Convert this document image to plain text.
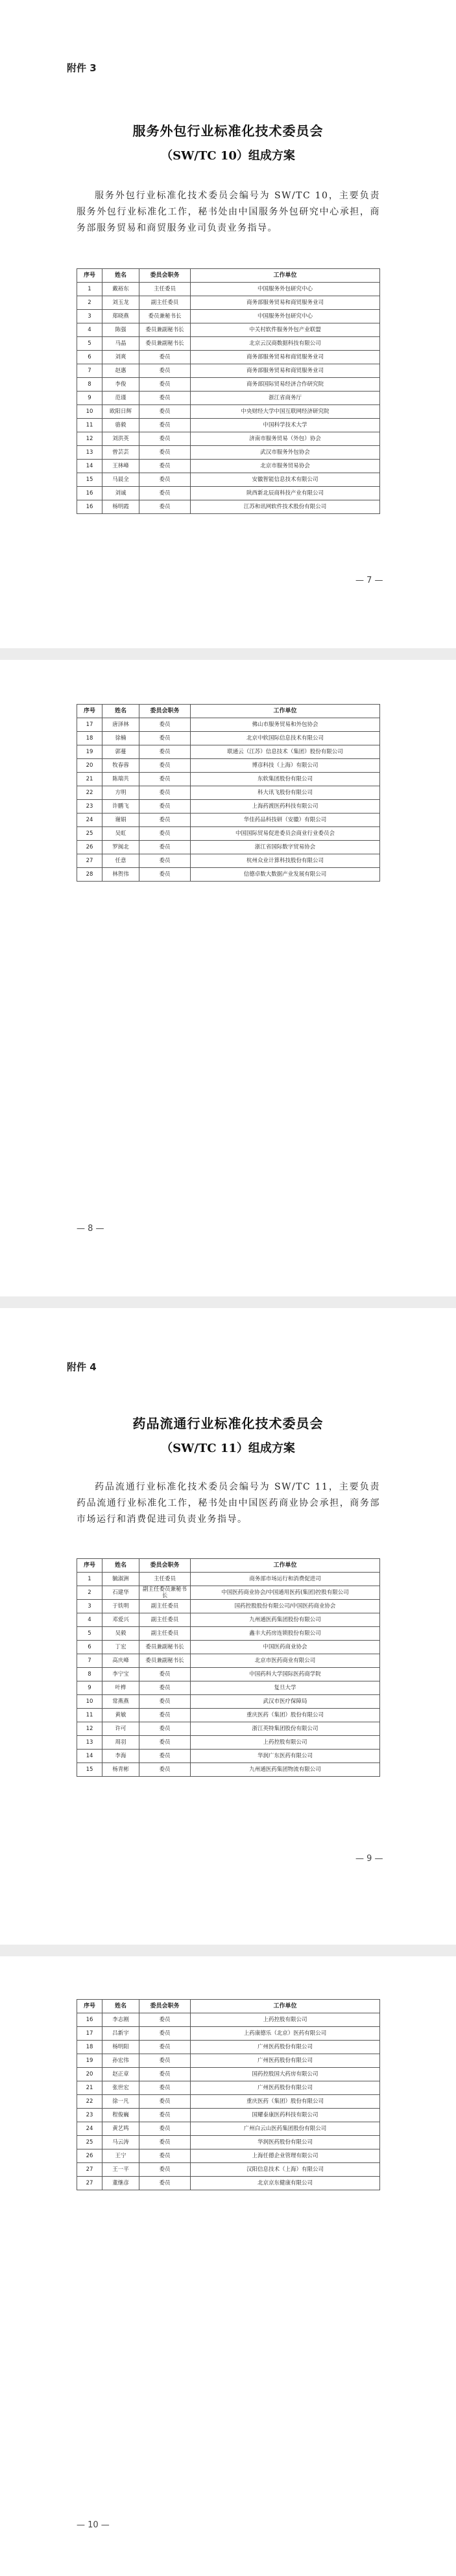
附件 3
服务外包行业标准化技术委员会
（SW/TC 10）组成方案

服务外包行业标准化技术委员会编号为 SW/TC 10，主要负责服务外包行业标准化工作，秘书处由中国服务外包研究中心承担，商务部服务贸易和商贸服务业司负责业务指导。

序号	姓名	委员会职务	工作单位
1	戴裕东	主任委员	中国服务外包研究中心
2	刘玉龙	副主任委员	商务部服务贸易和商贸服务业司
3	郑晓燕	委员兼秘书长	中国服务外包研究中心
4	陈强	委员兼副秘书长	中关村软件服务外包产业联盟
5	马晶	委员兼副秘书长	北京云汉商数据科技有限公司
6	刘爽	委员	商务部服务贸易和商贸服务业司
7	赵惠	委员	商务部服务贸易和商贸服务业司
8	李俊	委员	商务部国际贸易经济合作研究院
9	范谨	委员	浙江省商务厅
10	欧阳日辉	委员	中央财经大学中国互联网经济研究院
11	骆毅	委员	中国科学技术大学
12	刘洪英	委员	济南市服务贸易（外包）协会
13	曾芸芸	委员	武汉市服务外包协会
14	王林峰	委员	北京市服务贸易协会
15	马晨全	委员	安徽智能信息技术有限公司
16	刘诚	委员	陕西新北辰商科技产业有限公司
16	杨明霞	委员	江苏和讯网软件技术股份有限公司
— 7 —
序号	姓名	委员会职务	工作单位
17	唐泽林	委员	佛山市服务贸易和外包协会
18	徐楠	委员	北京中软国际信息技术有限公司
19	郭蔓	委员	联通云（江苏）信息技术（集团）股份有限公司
20	牧春蓉	委员	博彦科技（上海）有限公司
21	陈瑞共	委员	东软集团股份有限公司
22	方明	委员	科大讯飞股份有限公司
23	许鹏飞	委员	上海药渡医药科技有限公司
24	谢娟	委员	华佳药品科技研（安徽）有限公司
25	吴虹	委员	中国国际贸易促进委员会商业行业委员会
26	罗闽北	委员	浙江省国际数字贸易协会
27	任意	委员	杭州众业计算科技股份有限公司
28	林贺伟	委员	信德卓数大数据产业发展有限公司
— 8 —
附件 4
药品流通行业标准化技术委员会
（SW/TC 11）组成方案

药品流通行业标准化技术委员会编号为 SW/TC 11，主要负责药品流通行业标准化工作，秘书处由中国医药商业协会承担，商务部市场运行和消费促进司负责业务指导。

序号	姓名	委员会职务	工作单位
1	毓淑洲	主任委员	商务部市场运行和消费促进司
2	石建华	副主任委员兼秘书长	中国医药商业协会/中国通用医药(集团)控股有限公司
3	于铁明	副主任委员	国药控股股份有限公司/中国医药商业协会
4	邓爱兴	副主任委员	九州通医药集团股份有限公司
5	吴毅	副主任委员	鑫丰大药房连锁股份有限公司
6	丁宏	委员兼副秘书长	中国医药商业协会
7	高庆峰	委员兼副秘书长	北京市医药商业有限公司
8	李宁宝	委员	中国药科大学国际医药商学院
9	叶桦	委员	复旦大学
10	常燕燕	委员	武汉市医疗保障局
11	黄敏	委员	重庆医药（集团）股份有限公司
12	许可	委员	浙江英特集团股份有限公司
13	周羽	委员	上药控股有限公司
14	李海	委员	华润广东医药有限公司
15	杨青彬	委员	九州通医药集团物流有限公司
— 9 —
序号	姓名	委员会职务	工作单位
16	李志刚	委员	上药控股有限公司
17	吕新宇	委员	上药康德乐（北京）医药有限公司
18	杨明阳	委员	广州医药股份有限公司
19	孙宏伟	委员	广州医药股份有限公司
20	赵正章	委员	国药控股国大药房有限公司
21	张世宏	委员	广州医药股份有限公司
22	徐一凡	委员	重庆医药（集团）股份有限公司
23	程俊巍	委员	国耀泰康医药科技有限公司
24	黄艺鸣	委员	广州白云山医药集团股份有限公司
25	马云涛	委员	华润医药股份有限公司
26	王宁	委员	上海任德企业管理有限公司
27	王一平	委员	汉阳信息技术（上海）有限公司
27	董继彦	委员	北京京东健康有限公司
— 10 —
